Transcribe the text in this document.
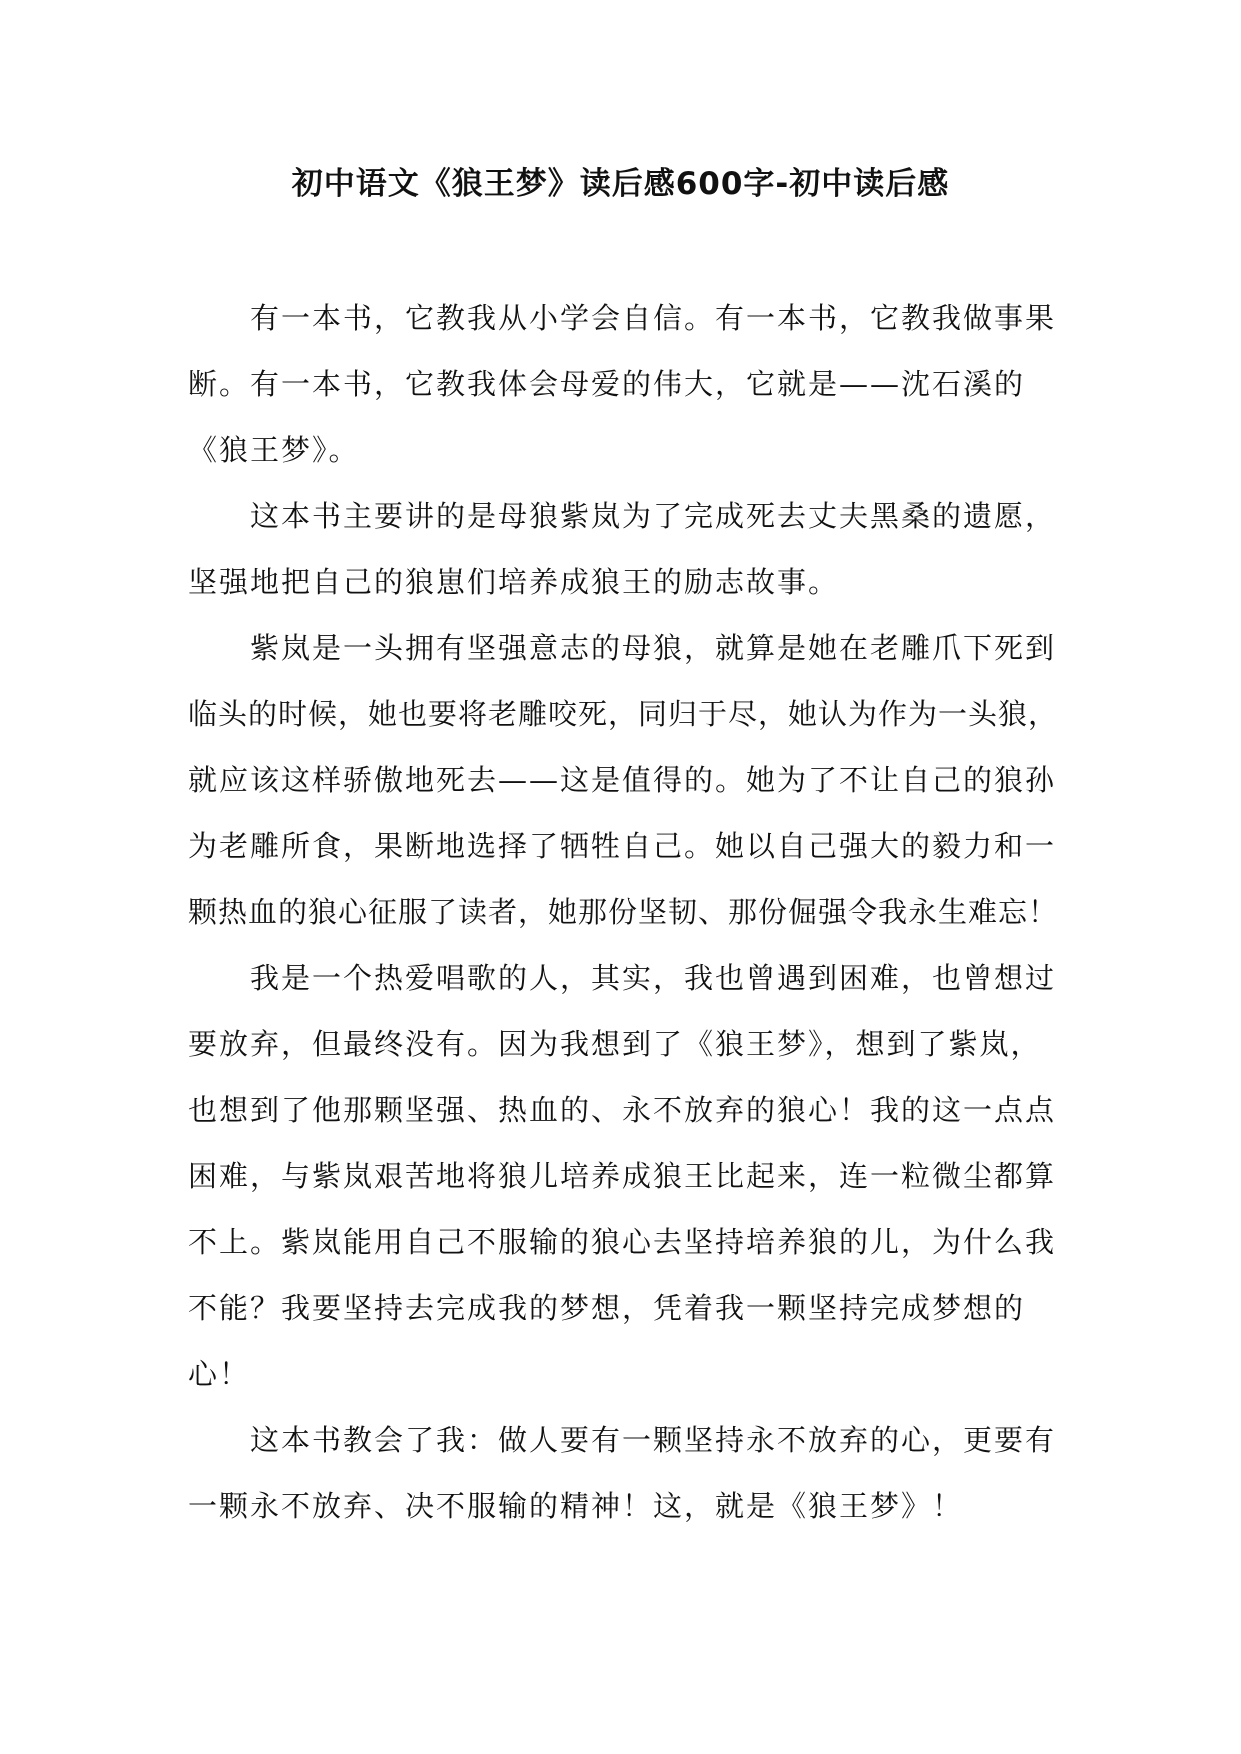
初中语文《狼王梦》读后感600字-初中读后感
有一本书，它教我从小学会自信。有一本书，它教我做事果
断。有一本书，它教我体会母爱的伟大，它就是——沈石溪的
《狼王梦》。
这本书主要讲的是母狼紫岚为了完成死去丈夫黑桑的遗愿，
坚强地把自己的狼崽们培养成狼王的励志故事。
紫岚是一头拥有坚强意志的母狼，就算是她在老雕爪下死到
临头的时候，她也要将老雕咬死，同归于尽，她认为作为一头狼，
就应该这样骄傲地死去——这是值得的。她为了不让自己的狼孙
为老雕所食，果断地选择了牺牲自己。她以自己强大的毅力和一
颗热血的狼心征服了读者，她那份坚韧、那份倔强令我永生难忘！
我是一个热爱唱歌的人，其实，我也曾遇到困难，也曾想过
要放弃，但最终没有。因为我想到了《狼王梦》，想到了紫岚，
也想到了他那颗坚强、热血的、永不放弃的狼心！我的这一点点
困难，与紫岚艰苦地将狼儿培养成狼王比起来，连一粒微尘都算
不上。紫岚能用自己不服输的狼心去坚持培养狼的儿，为什么我
不能？我要坚持去完成我的梦想，凭着我一颗坚持完成梦想的
心！
这本书教会了我：做人要有一颗坚持永不放弃的心，更要有
一颗永不放弃、决不服输的精神！这，就是《狼王梦》！
